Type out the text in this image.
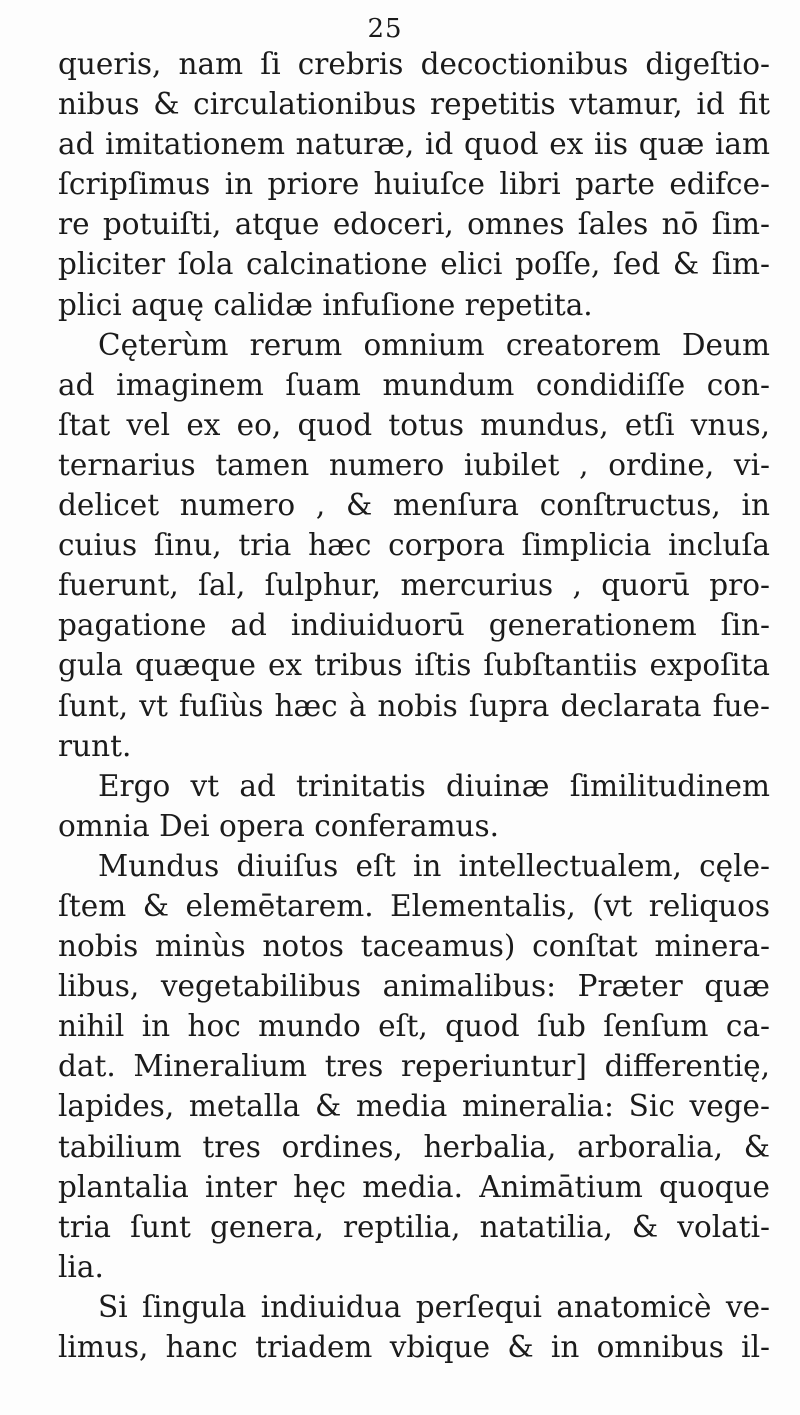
25
queris, nam ſi crebris decoctionibus digeſtio-
nibus & circulationibus repetitis vtamur, id fit
ad imitationem naturæ, id quod ex iis quæ iam
ſcripſimus in priore huiuſce libri parte edifce-
re potuiſti, atque edoceri, omnes ſales nō ſim-
pliciter ſola calcinatione elici poſſe, ſed & ſim-
plici aquę calidæ infuſione repetita.
Cęterùm rerum omnium creatorem Deum
ad imaginem ſuam mundum condidiſſe con-
ſtat vel ex eo, quod totus mundus, etſi vnus,
ternarius tamen numero iubilet , ordine, vi-
delicet numero , & menſura conſtructus, in
cuius ſinu, tria hæc corpora ſimplicia incluſa
fuerunt, ſal, ſulphur, mercurius , quorū pro-
pagatione ad indiuiduorū generationem ſin-
gula quæque ex tribus iſtis ſubſtantiis expoſita
ſunt, vt fuſiùs hæc à nobis ſupra declarata fue-
runt.
Ergo vt ad trinitatis diuinæ ſimilitudinem
omnia Dei opera conferamus.
Mundus diuiſus eſt in intellectualem, cęle-
ſtem & elemētarem. Elementalis, (vt reliquos
nobis minùs notos taceamus) conſtat minera-
libus, vegetabilibus animalibus: Præter quæ
nihil in hoc mundo eſt, quod ſub ſenſum ca-
dat. Mineralium tres reperiuntur] differentię,
lapides, metalla & media mineralia: Sic vege-
tabilium tres ordines, herbalia, arboralia, &
plantalia inter hęc media. Animātium quoque
tria ſunt genera, reptilia, natatilia, & volati-
lia.
Si ſingula indiuidua perſequi anatomicè ve-
limus, hanc triadem vbique & in omnibus il-
